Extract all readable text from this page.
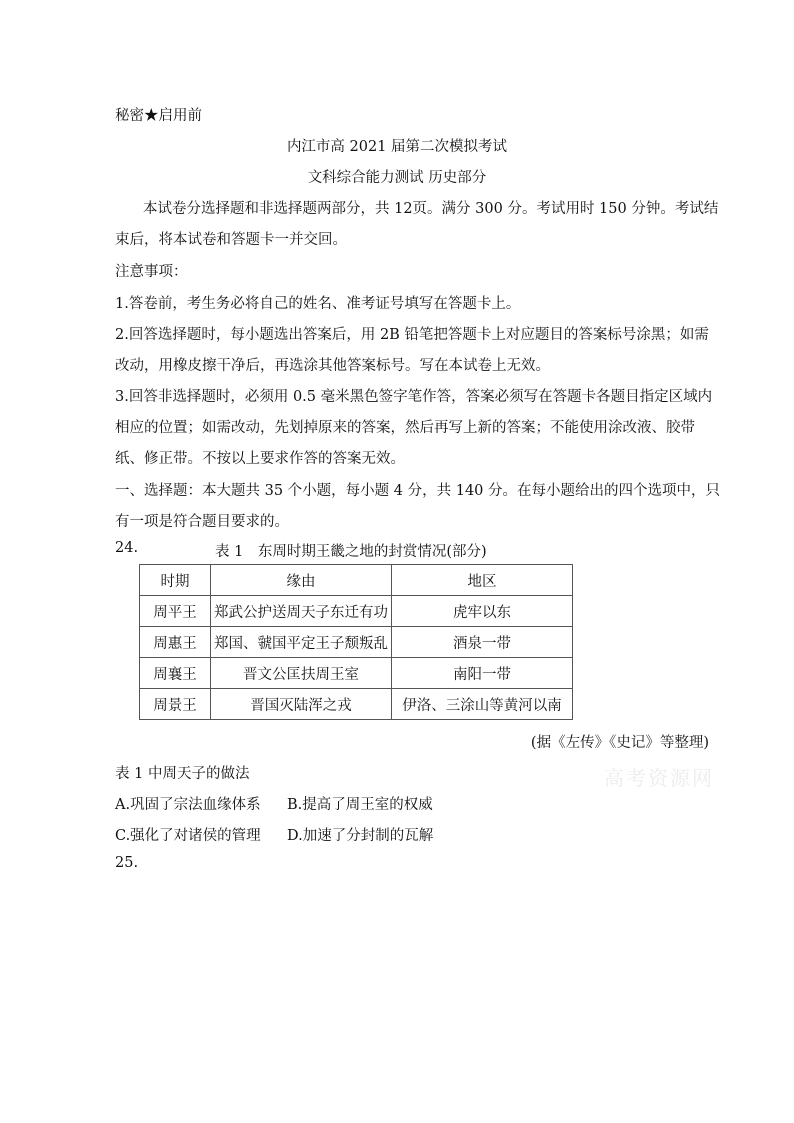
秘密★启用前
内江市高 2021 届第二次模拟考试
文科综合能力测试 历史部分
本试卷分选择题和非选择题两部分，共 12页。满分 300 分。考试用时 150 分钟。考试结
束后，将本试卷和答题卡一并交回。
注意事项：
1.答卷前，考生务必将自己的姓名、准考证号填写在答题卡上。
2.回答选择题时，每小题选出答案后，用 2B 铅笔把答题卡上对应题目的答案标号涂黑；如需
改动，用橡皮擦干净后，再选涂其他答案标号。写在本试卷上无效。
3.回答非选择题时，必须用 0.5 毫米黑色签字笔作答，答案必须写在答题卡各题目指定区域内
相应的位置；如需改动，先划掉原来的答案，然后再写上新的答案；不能使用涂改液、胶带
纸、修正带。不按以上要求作答的答案无效。
一、选择题：本大题共 35 个小题，每小题 4 分，共 140 分。在每小题给出的四个选项中，只
有一项是符合题目要求的。
24.	表 1　东周时期王畿之地的封赏情况(部分)
时期	缘由	地区
周平王	郑武公护送周天子东迁有功	虎牢以东
周惠王	郑国、虢国平定王子颓叛乱	酒泉一带
周襄王	晋文公匡扶周王室	南阳一带
周景王	晋国灭陆浑之戎	伊洛、三涂山等黄河以南
(据《左传》《史记》等整理)
表 1 中周天子的做法	高考资源网
A.巩固了宗法血缘体系 B.提高了周王室的权威
C.强化了对诸侯的管理 D.加速了分封制的瓦解
25.
